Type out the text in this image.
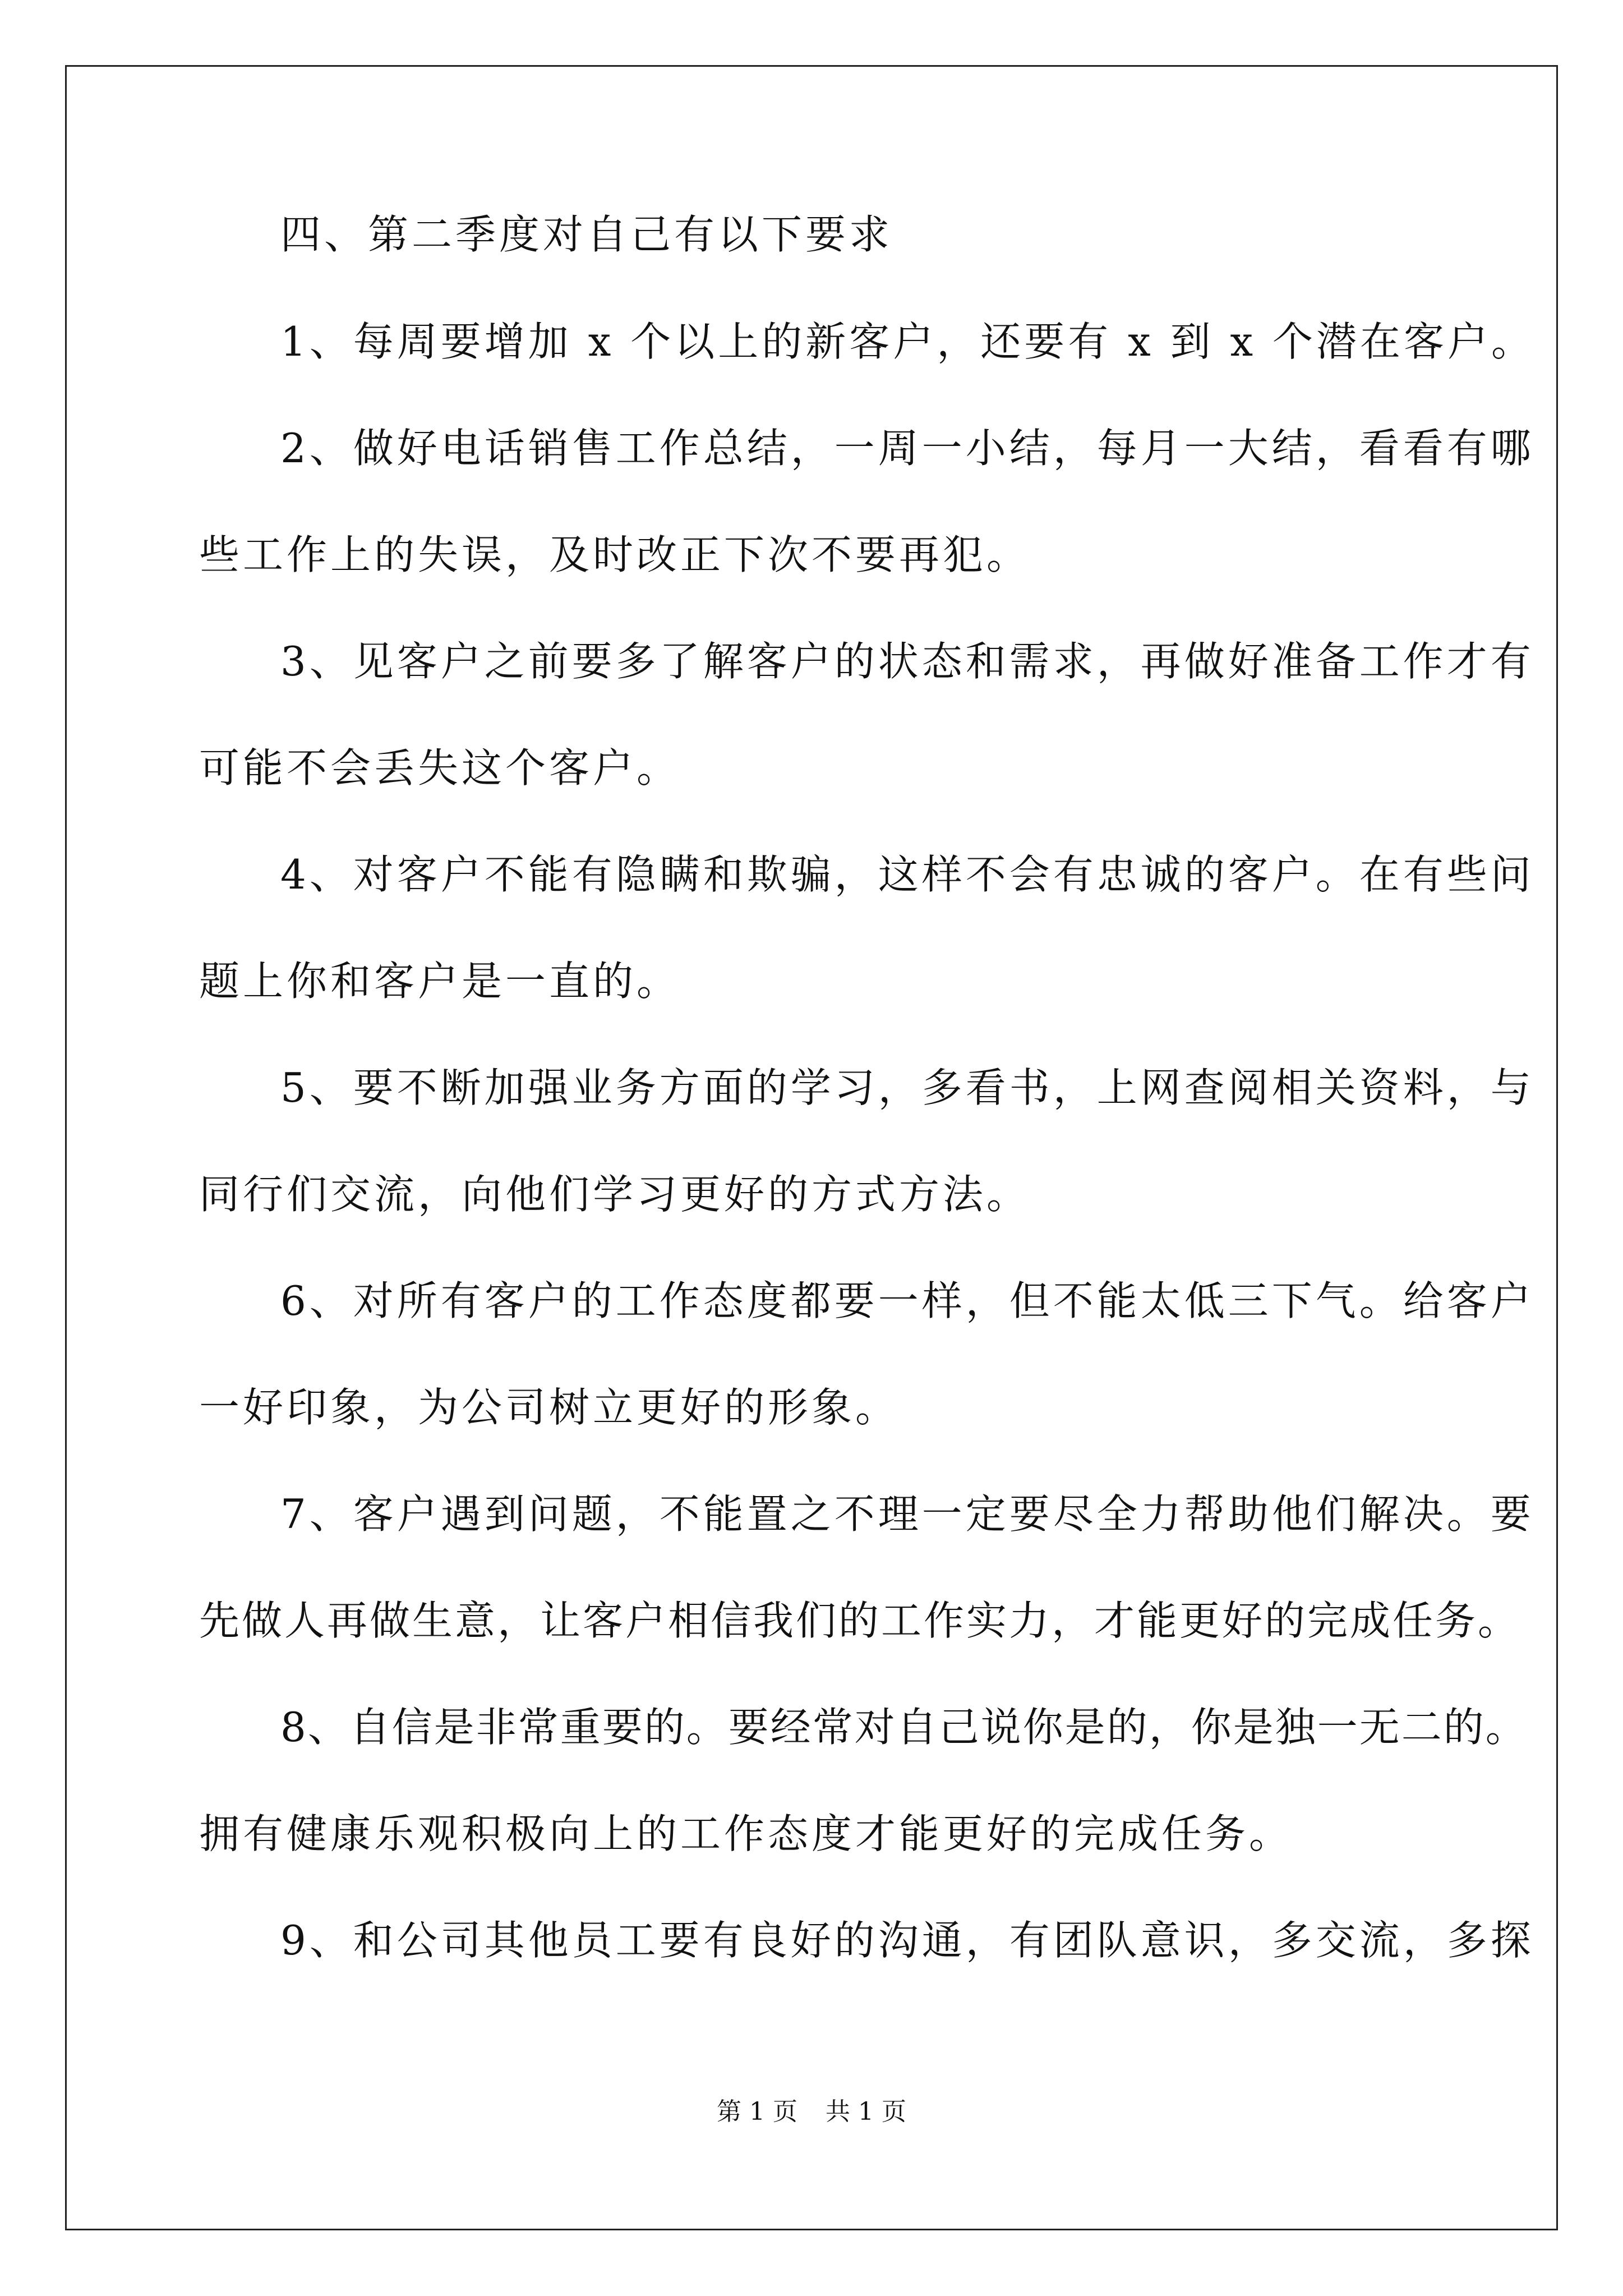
四、第二季度对自己有以下要求
1、每周要增加 x 个以上的新客户，还要有 x 到 x 个潜在客户。
2、做好电话销售工作总结，一周一小结，每月一大结，看看有哪
些工作上的失误，及时改正下次不要再犯。
3、见客户之前要多了解客户的状态和需求，再做好准备工作才有
可能不会丢失这个客户。
4、对客户不能有隐瞒和欺骗，这样不会有忠诚的客户。在有些问
题上你和客户是一直的。
5、要不断加强业务方面的学习，多看书，上网查阅相关资料，与
同行们交流，向他们学习更好的方式方法。
6、对所有客户的工作态度都要一样，但不能太低三下气。给客户
一好印象，为公司树立更好的形象。
7、客户遇到问题，不能置之不理一定要尽全力帮助他们解决。要
先做人再做生意，让客户相信我们的工作实力，才能更好的完成任务。
8、自信是非常重要的。要经常对自己说你是的，你是独一无二的。
拥有健康乐观积极向上的工作态度才能更好的完成任务。
9、和公司其他员工要有良好的沟通，有团队意识，多交流，多探
第 1 页 共 1 页
